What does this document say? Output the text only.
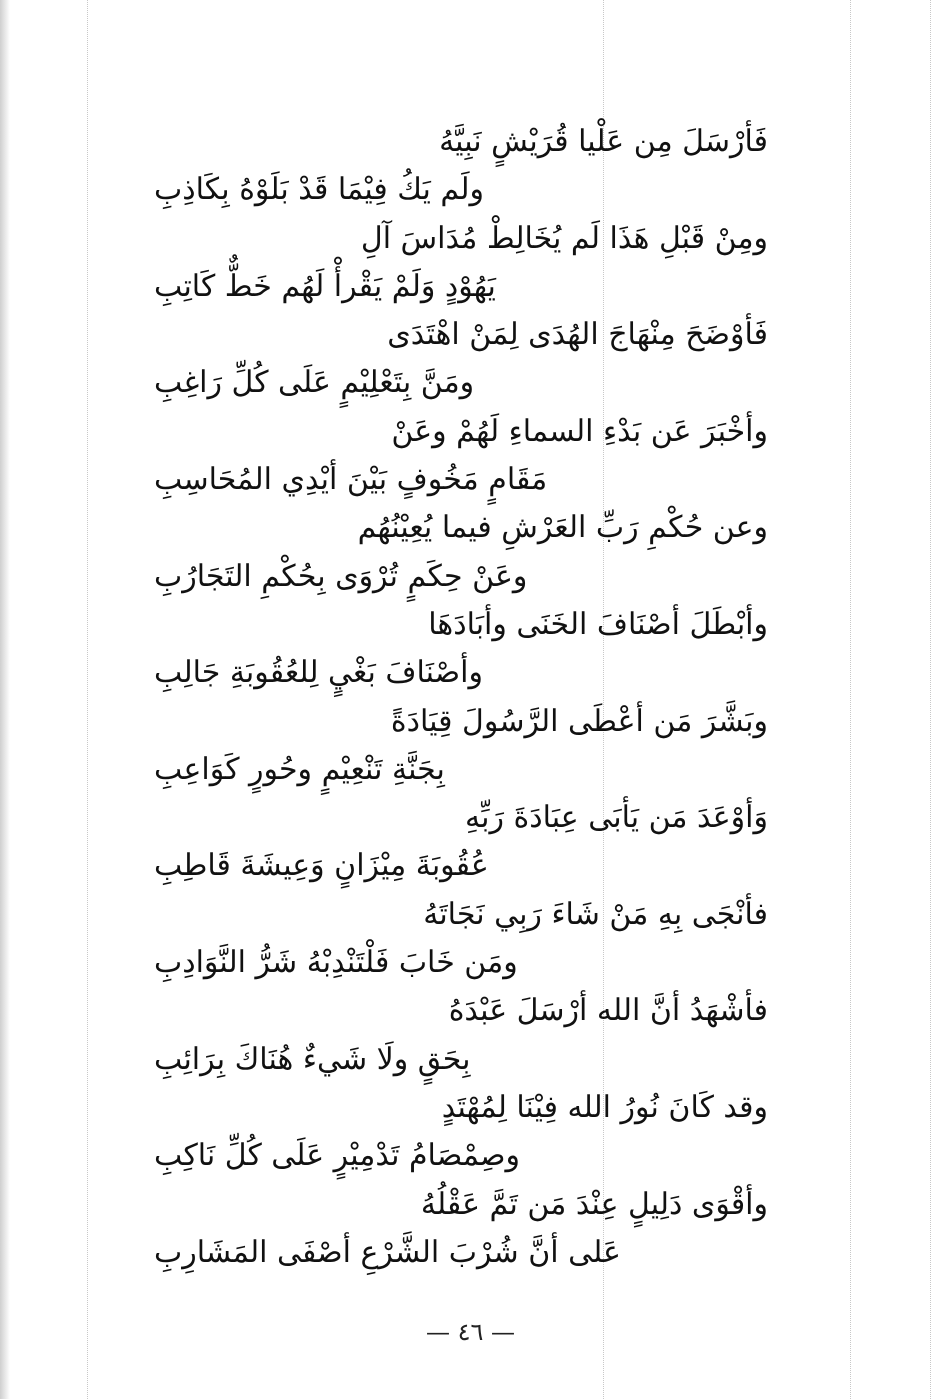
فَأرْسَلَ مِن عَلْيا قُرَيْشٍ نَبِيَّهُ
ولَم يَكُ فِيْمَا قَدْ بَلَوْهُ بِكَاذِبِ
ومِنْ قَبْلِ هَذَا لَم يُخَالِطْ مُدَاسَ آلِ
يَهُوْدٍ وَلَمْ يَقْرأْ لَهُم خَطٌّ كَاتِبِ
فَأوْضَحَ مِنْهَاجَ الهُدَى لِمَنْ اهْتَدَى
ومَنَّ بِتَعْلِيْمٍ عَلَى كُلِّ رَاغِبِ
وأخْبَرَ عَن بَدْءِ السماءِ لَهُمْ وعَنْ
مَقَامٍ مَخُوفٍ بَيْنَ أيْدِي المُحَاسِبِ
وعن حُكْمِ رَبِّ العَرْشِ فيما يُعِيْنُهُم
وعَنْ حِكَمٍ تُرْوَى بِحُكْمِ التَجَارُبِ
وأبْطَلَ أصْنَافَ الخَنَى وأبَادَهَا
وأصْنَافَ بَغْيٍ لِلعُقُوبَةِ جَالِبِ
وبَشَّرَ مَن أعْطَى الرَّسُولَ قِيَادَةً
بِجَنَّةِ تَنْعِيْمٍ وحُورٍ كَوَاعِبِ
وَأوْعَدَ مَن يَأبَى عِبَادَةَ رَبِّهِ
عُقُوبَةَ مِيْزَانٍ وَعِيشَةَ قَاطِبِ
فأنْجَى بِهِ مَنْ شَاءَ رَبِي نَجَاتَهُ
ومَن خَابَ فَلْتَنْدِبْهُ شَرُّ النَّوَادِبِ
فأشْهَدُ أنَّ الله أرْسَلَ عَبْدَهُ
بِحَقٍ ولَا شَيءٌ هُنَاكَ بِرَائِبِ
وقد كَانَ نُورُ الله فِيْنَا لِمُهْتَدٍ
وصِمْصَامُ تَدْمِيْرٍ عَلَى كُلِّ نَاكِبِ
وأقْوَى دَلِيلٍ عِنْدَ مَن تَمَّ عَقْلُهُ
عَلى أنَّ شُرْبَ الشَّرْعِ أصْفَى المَشَارِبِ
— ٤٦ —
